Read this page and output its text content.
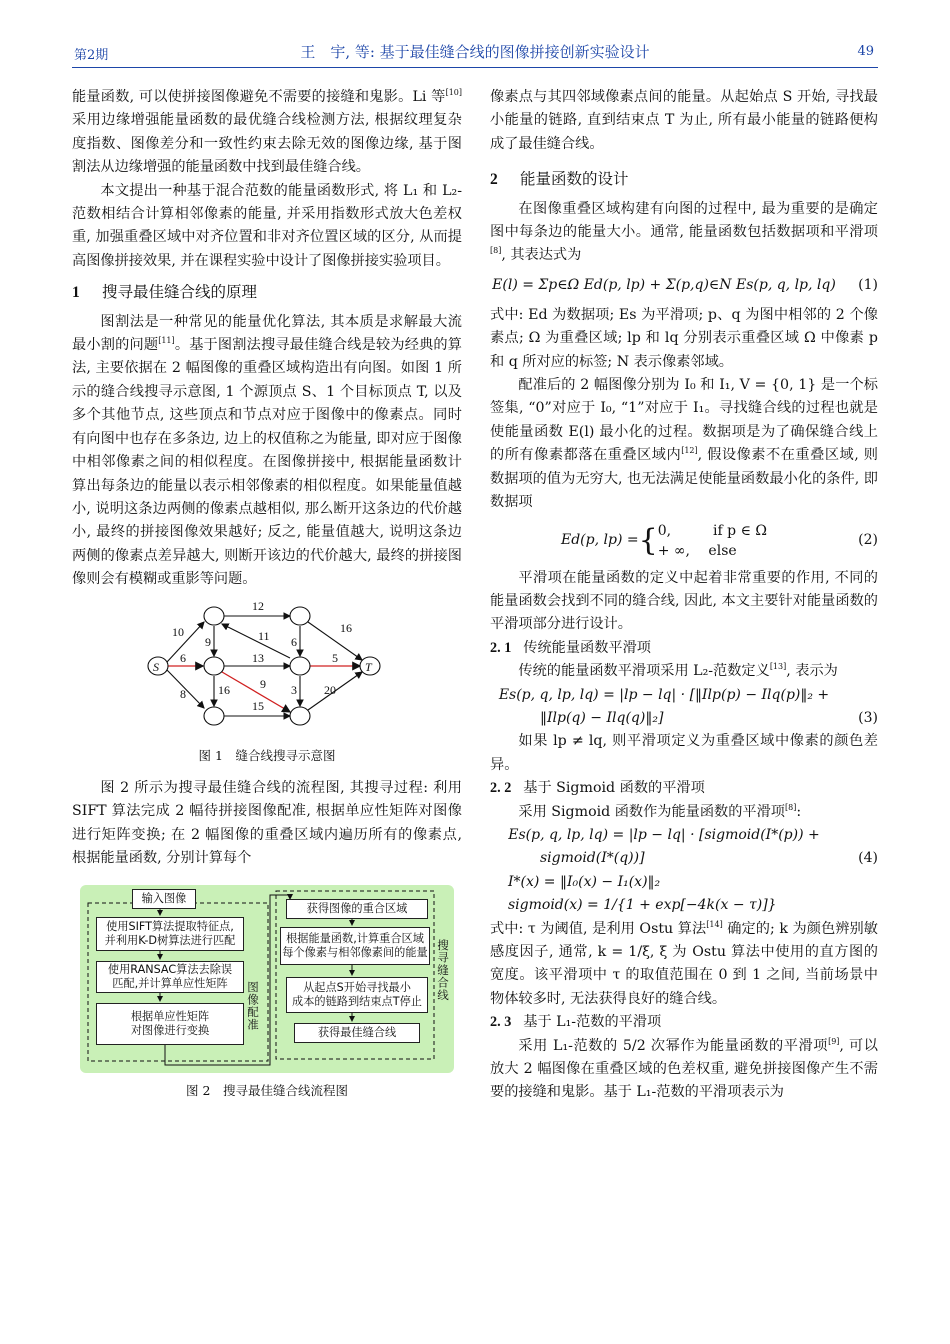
第2期	王　宇, 等: 基于最佳缝合线的图像拼接创新实验设计	49

能量函数, 可以使拼接图像避免不需要的接缝和鬼影。Li 等[10] 采用边缘增强能量函数的最优缝合线检测方法, 根据纹理复杂度指数、图像差分和一致性约束去除无效的图像边缘, 基于图割法从边缘增强的能量函数中找到最佳缝合线。

本文提出一种基于混合范数的能量函数形式, 将 L₁ 和 L₂-范数相结合计算相邻像素的能量, 并采用指数形式放大色差权重, 加强重叠区域中对齐位置和非对齐位置区域的区分, 从而提高图像拼接效果, 并在课程实验中设计了图像拼接实验项目。

1 搜寻最佳缝合线的原理

图割法是一种常见的能量优化算法, 其本质是求解最大流最小割的问题[11]。基于图割法搜寻最佳缝合线是较为经典的算法, 主要依据在 2 幅图像的重叠区域构造出有向图。如图 1 所示的缝合线搜寻示意图, 1 个源顶点 S、1 个目标顶点 T, 以及多个其他节点, 这些顶点和节点对应于图像中的像素点。同时有向图中也存在多条边, 边上的权值称之为能量, 即对应于图像中相邻像素之间的相似程度。在图像拼接中, 根据能量函数计算出每条边的能量以表示相邻像素的相似程度。如果能量值越小, 说明这条边两侧的像素点越相似, 那么断开这条边的代价越小, 最终的拼接图像效果越好; 反之, 能量值越大, 说明这条边两侧的像素点差异越大, 则断开该边的代价越大, 最终的拼接图像则会有模糊或重影等问题。

S	T
12
10	16
9	11 6
6	13	5
8	16	9 3 20
15
图 1　缝合线搜寻示意图

图 2 所示为搜寻最佳缝合线的流程图, 其搜寻过程: 利用 SIFT 算法完成 2 幅待拼接图像配准, 根据单应性矩阵对图像进行矩阵变换; 在 2 幅图像的重叠区域内遍历所有的像素点, 根据能量函数, 分别计算每个

输入图像
使用SIFT算法提取特征点,
并利用K-D树算法进行匹配
使用RANSAC算法去除误
匹配,并计算单应性矩阵
根据单应性矩阵
对图像进行变换	图像配准
获得图像的重合区域
根据能量函数,计算重合区域
每个像素与相邻像素间的能量
从起点S开始寻找最小
成本的链路到结束点T停止
获得最佳缝合线
搜寻缝合线
图 2　搜寻最佳缝合线流程图

像素点与其四邻域像素点间的能量。从起始点 S 开始, 寻找最小能量的链路, 直到结束点 T 为止, 所有最小能量的链路便构成了最佳缝合线。

2 能量函数的设计

在图像重叠区域构建有向图的过程中, 最为重要的是确定图中每条边的能量大小。通常, 能量函数包括数据项和平滑项[8], 其表达式为

E(l) = Σp∈Ω Ed(p, lp) + Σ(p,q)∈N Es(p, q, lp, lq)	(1)

式中: Ed 为数据项; Es 为平滑项; p、q 为图中相邻的 2 个像素点; Ω 为重叠区域; lp 和 lq 分别表示重叠区域 Ω 中像素 p 和 q 所对应的标签; N 表示像素邻域。

配准后的 2 幅图像分别为 I₀ 和 I₁, V = {0, 1} 是一个标签集, “0”对应于 I₀, “1”对应于 I₁。寻找缝合线的过程也就是使能量函数 E(l) 最小化的过程。数据项是为了确保缝合线上的所有像素都落在重叠区域内[12], 假设像素不在重叠区域, 则数据项的值为无穷大, 也无法满足使能量函数最小化的条件, 即数据项

Ed(p, lp) = { 0,　　　if p ∈ Ω
+ ∞,　 else
(2)

平滑项在能量函数的定义中起着非常重要的作用, 不同的能量函数会找到不同的缝合线, 因此, 本文主要针对能量函数的平滑项部分进行设计。

2. 1 传统能量函数平滑项

传统的能量函数平滑项采用 L₂-范数定义[13], 表示为

Es(p, q, lp, lq) = |lp − lq| · [‖Ilp(p) − Ilq(p)‖₂ +
‖Ilp(q) − Ilq(q)‖₂]	(3)

如果 lp ≠ lq, 则平滑项定义为重叠区域中像素的颜色差异。

2. 2 基于 Sigmoid 函数的平滑项

采用 Sigmoid 函数作为能量函数的平滑项[8]:

Es(p, q, lp, lq) = |lp − lq| · [sigmoid(I*(p)) +
sigmoid(I*(q))]	(4)
I*(x) = ‖I₀(x) − I₁(x)‖₂
sigmoid(x) = 1/{1 + exp[−4k(x − τ)]}

式中: τ 为阈值, 是利用 Ostu 算法[14] 确定的; k 为颜色辨别敏感度因子, 通常, k = 1/ξ, ξ 为 Ostu 算法中使用的直方图的宽度。该平滑项中 τ 的取值范围在 0 到 1 之间, 当前场景中物体较多时, 无法获得良好的缝合线。

2. 3 基于 L₁-范数的平滑项

采用 L₁-范数的 5/2 次幂作为能量函数的平滑项[9], 可以放大 2 幅图像在重叠区域的色差权重, 避免拼接图像产生不需要的接缝和鬼影。基于 L₁-范数的平滑项表示为
